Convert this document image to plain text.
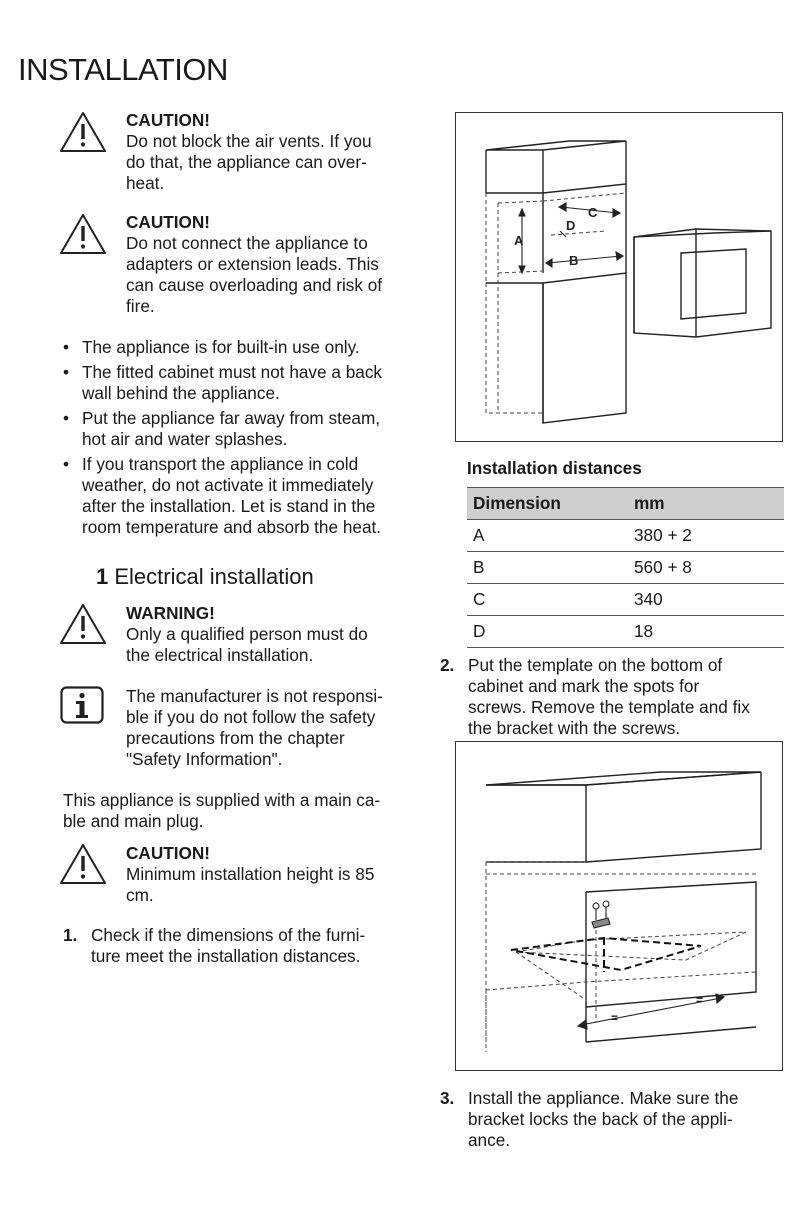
INSTALLATION
CAUTION!
Do not block the air vents. If you
do that, the appliance can over-
heat.
CAUTION!
Do not connect the appliance to
adapters or extension leads. This
can cause overloading and risk of
fire.
• The appliance is for built-in use only.
• The fitted cabinet must not have a back
wall behind the appliance.
• Put the appliance far away from steam,
hot air and water splashes.
• If you transport the appliance in cold
weather, do not activate it immediately
after the installation. Let is stand in the
room temperature and absorb the heat.
1 Electrical installation
WARNING!
Only a qualified person must do
the electrical installation.
The manufacturer is not responsi-
ble if you do not follow the safety
precautions from the chapter
"Safety Information".
This appliance is supplied with a main ca-
ble and main plug.
CAUTION!
Minimum installation height is 85
cm.
1. Check if the dimensions of the furni-
ture meet the installation distances.
A
B
C
D
Installation distances
Dimension	mm
A	380 + 2
B	560 + 8
C	340
D	18
2. Put the template on the bottom of
cabinet and mark the spots for
screws. Remove the template and fix
the bracket with the screws.
=
=
3. Install the appliance. Make sure the
bracket locks the back of the appli-
ance.
